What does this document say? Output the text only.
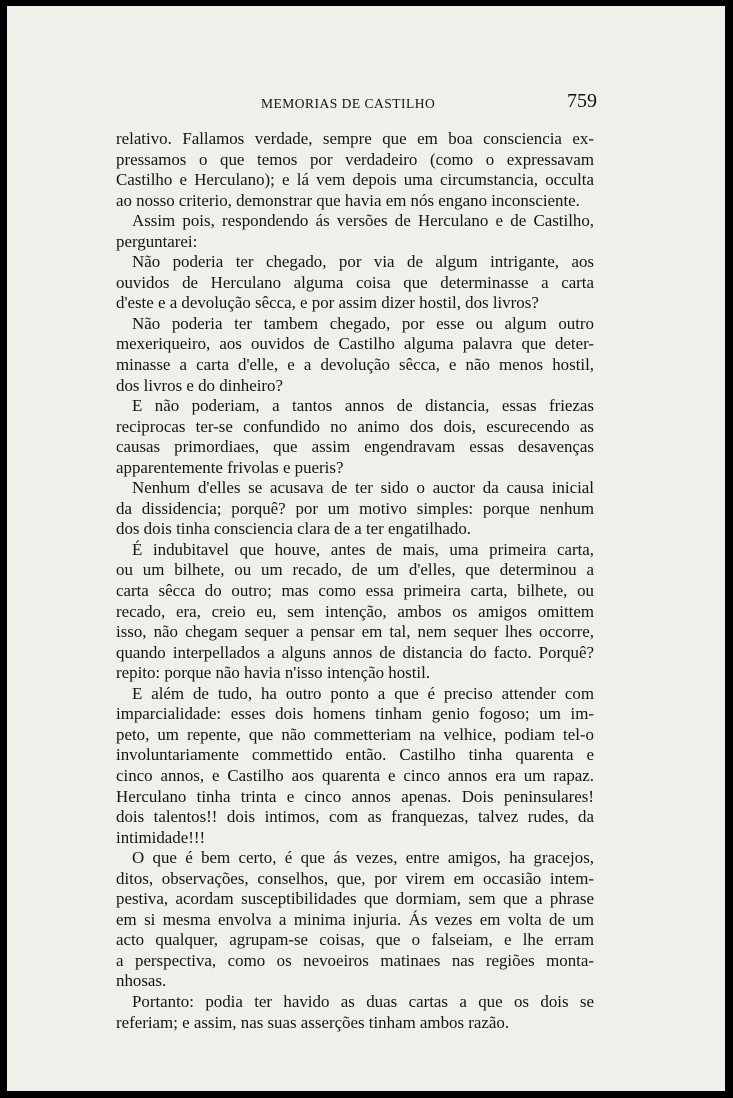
MEMORIAS DE CASTILHO	759

relativo. Fallamos verdade, sempre que em boa consciencia ex-

pressamos o que temos por verdadeiro (como o expressavam

Castilho e Herculano); e lá vem depois uma circumstancia, occulta

ao nosso criterio, demonstrar que havia em nós engano inconsciente.

Assim pois, respondendo ás versões de Herculano e de Castilho,

perguntarei:

Não poderia ter chegado, por via de algum intrigante, aos

ouvidos de Herculano alguma coisa que determinasse a carta

d'este e a devolução sêcca, e por assim dizer hostil, dos livros?

Não poderia ter tambem chegado, por esse ou algum outro

mexeriqueiro, aos ouvidos de Castilho alguma palavra que deter-

minasse a carta d'elle, e a devolução sêcca, e não menos hostil,

dos livros e do dinheiro?

E não poderiam, a tantos annos de distancia, essas friezas

reciprocas ter-se confundido no animo dos dois, escurecendo as

causas primordiaes, que assim engendravam essas desavenças

apparentemente frivolas e pueris?

Nenhum d'elles se acusava de ter sido o auctor da causa inicial

da dissidencia; porquê? por um motivo simples: porque nenhum

dos dois tinha consciencia clara de a ter engatilhado.

É indubitavel que houve, antes de mais, uma primeira carta,

ou um bilhete, ou um recado, de um d'elles, que determinou a

carta sêcca do outro; mas como essa primeira carta, bilhete, ou

recado, era, creio eu, sem intenção, ambos os amigos omittem

isso, não chegam sequer a pensar em tal, nem sequer lhes occorre,

quando interpellados a alguns annos de distancia do facto. Porquê?

repito: porque não havia n'isso intenção hostil.

E além de tudo, ha outro ponto a que é preciso attender com

imparcialidade: esses dois homens tinham genio fogoso; um im-

peto, um repente, que não commetteriam na velhice, podiam tel-o

involuntariamente commettido então. Castilho tinha quarenta e

cinco annos, e Castilho aos quarenta e cinco annos era um rapaz.

Herculano tinha trinta e cinco annos apenas. Dois peninsulares!

dois talentos!! dois intimos, com as franquezas, talvez rudes, da

intimidade!!!

O que é bem certo, é que ás vezes, entre amigos, ha gracejos,

ditos, observações, conselhos, que, por virem em occasião intem-

pestiva, acordam susceptibilidades que dormiam, sem que a phrase

em si mesma envolva a minima injuria. Ás vezes em volta de um

acto qualquer, agrupam-se coisas, que o falseiam, e lhe erram

a perspectiva, como os nevoeiros matinaes nas regiões monta-

nhosas.

Portanto: podia ter havido as duas cartas a que os dois se

referiam; e assim, nas suas asserções tinham ambos razão.
